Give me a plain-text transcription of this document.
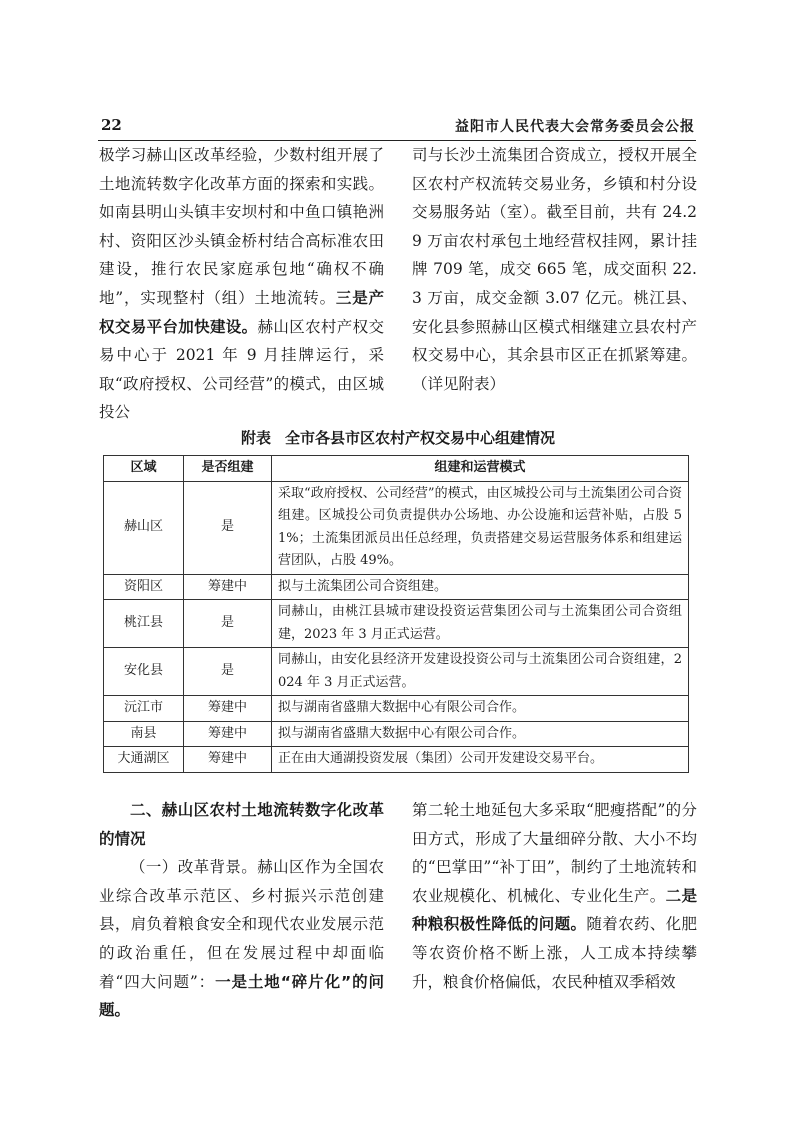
22	益阳市人民代表大会常务委员会公报

极学习赫山区改革经验，少数村组开展了土地流转数字化改革方面的探索和实践。如南县明山头镇丰安坝村和中鱼口镇艳洲村、资阳区沙头镇金桥村结合高标准农田建设，推行农民家庭承包地“确权不确地”，实现整村（组）土地流转。三是产权交易平台加快建设。赫山区农村产权交易中心于 2021 年 9 月挂牌运行，采取“政府授权、公司经营”的模式，由区城投公

司与长沙土流集团合资成立，授权开展全区农村产权流转交易业务，乡镇和村分设交易服务站（室）。截至目前，共有 24.29 万亩农村承包土地经营权挂网，累计挂牌 709 笔，成交 665 笔，成交面积 22.3 万亩，成交金额 3.07 亿元。桃江县、安化县参照赫山区模式相继建立县农村产权交易中心，其余县市区正在抓紧筹建。（详见附表）

附表 全市各县市区农村产权交易中心组建情况
区域	是否组建	组建和运营模式
赫山区	是	采取“政府授权、公司经营”的模式，由区城投公司与土流集团公司合资组建。区城投公司负责提供办公场地、办公设施和运营补贴，占股 51%；土流集团派员出任总经理，负责搭建交易运营服务体系和组建运营团队，占股 49%。
资阳区	筹建中	拟与土流集团公司合资组建。
桃江县	是	同赫山，由桃江县城市建设投资运营集团公司与土流集团公司合资组建，2023 年 3 月正式运营。
安化县	是	同赫山，由安化县经济开发建设投资公司与土流集团公司合资组建，2024 年 3 月正式运营。
沅江市	筹建中	拟与湖南省盛鼎大数据中心有限公司合作。
南县	筹建中	拟与湖南省盛鼎大数据中心有限公司合作。
大通湖区	筹建中	正在由大通湖投资发展（集团）公司开发建设交易平台。

二、赫山区农村土地流转数字化改革的情况

（一）改革背景。赫山区作为全国农业综合改革示范区、乡村振兴示范创建县，肩负着粮食安全和现代农业发展示范的政治重任，但在发展过程中却面临着“四大问题”：一是土地“碎片化”的问题。

第二轮土地延包大多采取“肥瘦搭配”的分田方式，形成了大量细碎分散、大小不均的“巴掌田”“补丁田”，制约了土地流转和农业规模化、机械化、专业化生产。二是种粮积极性降低的问题。随着农药、化肥等农资价格不断上涨，人工成本持续攀升，粮食价格偏低，农民种植双季稻效
